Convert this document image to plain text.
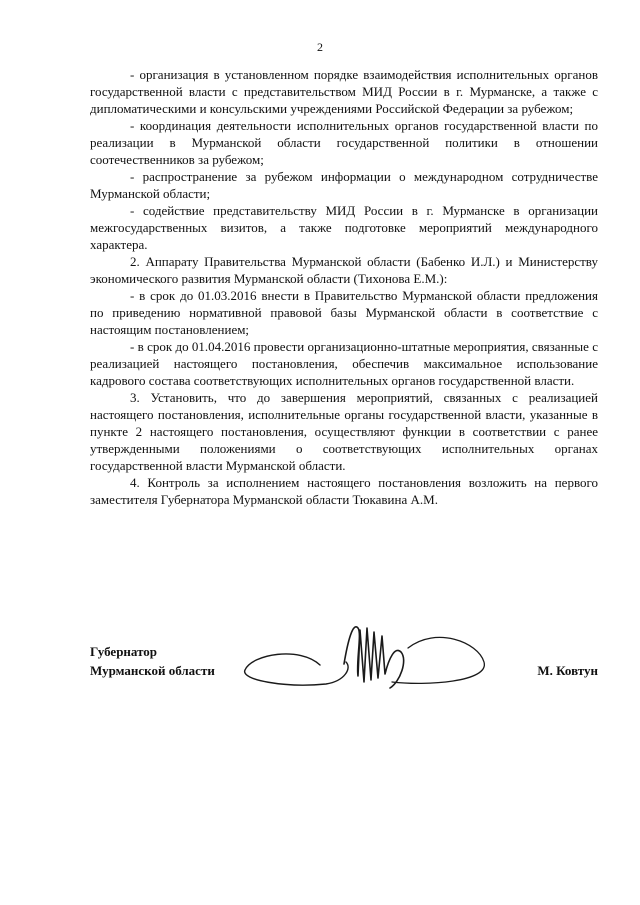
2

- организация в установленном порядке взаимодействия исполнительных органов государственной власти с представительством МИД России в г. Мурманске, а также с дипломатическими и консульскими учреждениями Российской Федерации за рубежом;

- координация деятельности исполнительных органов государственной власти по реализации в Мурманской области государственной политики в отношении соотечественников за рубежом;

- распространение за рубежом информации о международном сотрудничестве Мурманской области;

- содействие представительству МИД России в г. Мурманске в организации межгосударственных визитов, а также подготовке мероприятий международного характера.

2. Аппарату Правительства Мурманской области (Бабенко И.Л.) и Министерству экономического развития Мурманской области (Тихонова Е.М.):

- в срок до 01.03.2016 внести в Правительство Мурманской области предложения по приведению нормативной правовой базы Мурманской области в соответствие с настоящим постановлением;

- в срок до 01.04.2016 провести организационно-штатные мероприятия, связанные с реализацией настоящего постановления, обеспечив максимальное использование кадрового состава соответствующих исполнительных органов государственной власти.

3. Установить, что до завершения мероприятий, связанных с реализацией настоящего постановления, исполнительные органы государственной власти, указанные в пункте 2 настоящего постановления, осуществляют функции в соответствии с ранее утвержденными положениями о соответствующих исполнительных органах государственной власти Мурманской области.

4. Контроль за исполнением настоящего постановления возложить на первого заместителя Губернатора Мурманской области Тюкавина А.М.

Губернатор
Мурманской области	М. Ковтун
